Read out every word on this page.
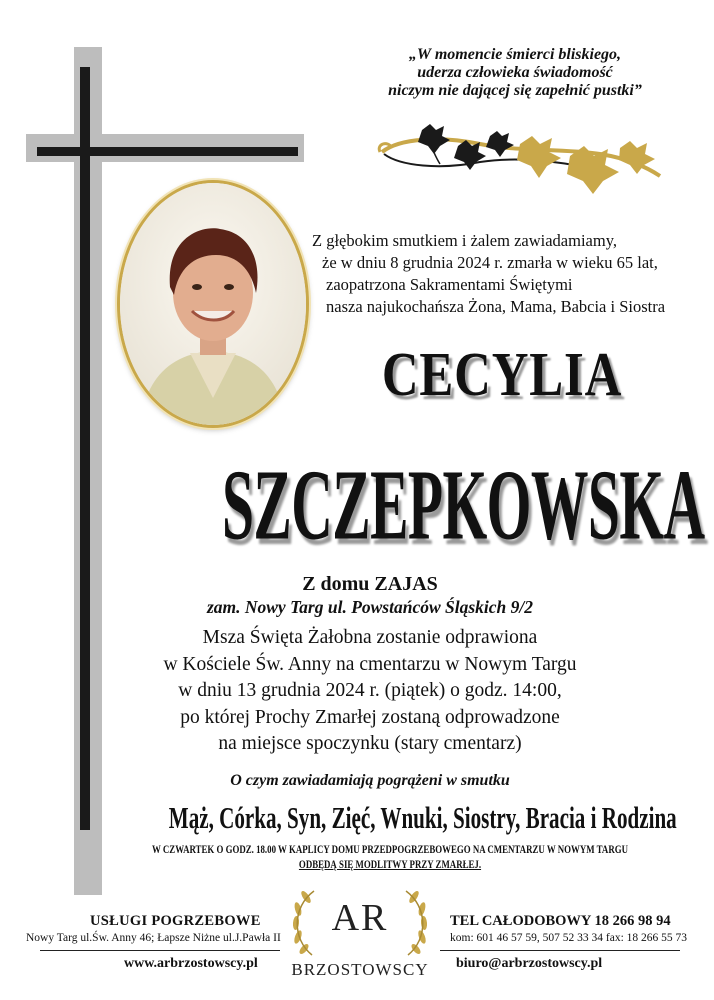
„W momencie śmierci bliskiego,
uderza człowieka świadomość
niczym nie dającej się zapełnić pustki”
Z głębokim smutkiem i żalem zawiadamiamy,
że w dniu 8 grudnia 2024 r. zmarła w wieku 65 lat,
zaopatrzona Sakramentami Świętymi
nasza najukochańsza Żona, Mama, Babcia i Siostra
CECYLIA
SZCZEPKOWSKA
Z domu ZAJAS
zam. Nowy Targ ul. Powstańców Śląskich 9/2
Msza Święta Żałobna zostanie odprawiona
w Kościele Św. Anny na cmentarzu w Nowym Targu
w dniu 13 grudnia 2024 r. (piątek) o godz. 14:00,
po której Prochy Zmarłej zostaną odprowadzone
na miejsce spoczynku (stary cmentarz)
O czym zawiadamiają pogrążeni w smutku
Mąż, Córka, Syn, Zięć, Wnuki, Siostry, Bracia i Rodzina
W CZWARTEK O GODZ. 18.00 W KAPLICY DOMU PRZEDPOGRZEBOWEGO NA CMENTARZU W NOWYM TARGU
ODBĘDĄ SIĘ MODLITWY PRZY ZMARŁEJ.
USŁUGI POGRZEBOWE
Nowy Targ ul.Św. Anny 46; Łapsze Niżne ul.J.Pawła II
www.arbrzostowscy.pl
AR
BRZOSTOWSCY
TEL CAŁODOBOWY 18 266 98 94
kom: 601 46 57 59, 507 52 33 34 fax: 18 266 55 73
biuro@arbrzostowscy.pl
